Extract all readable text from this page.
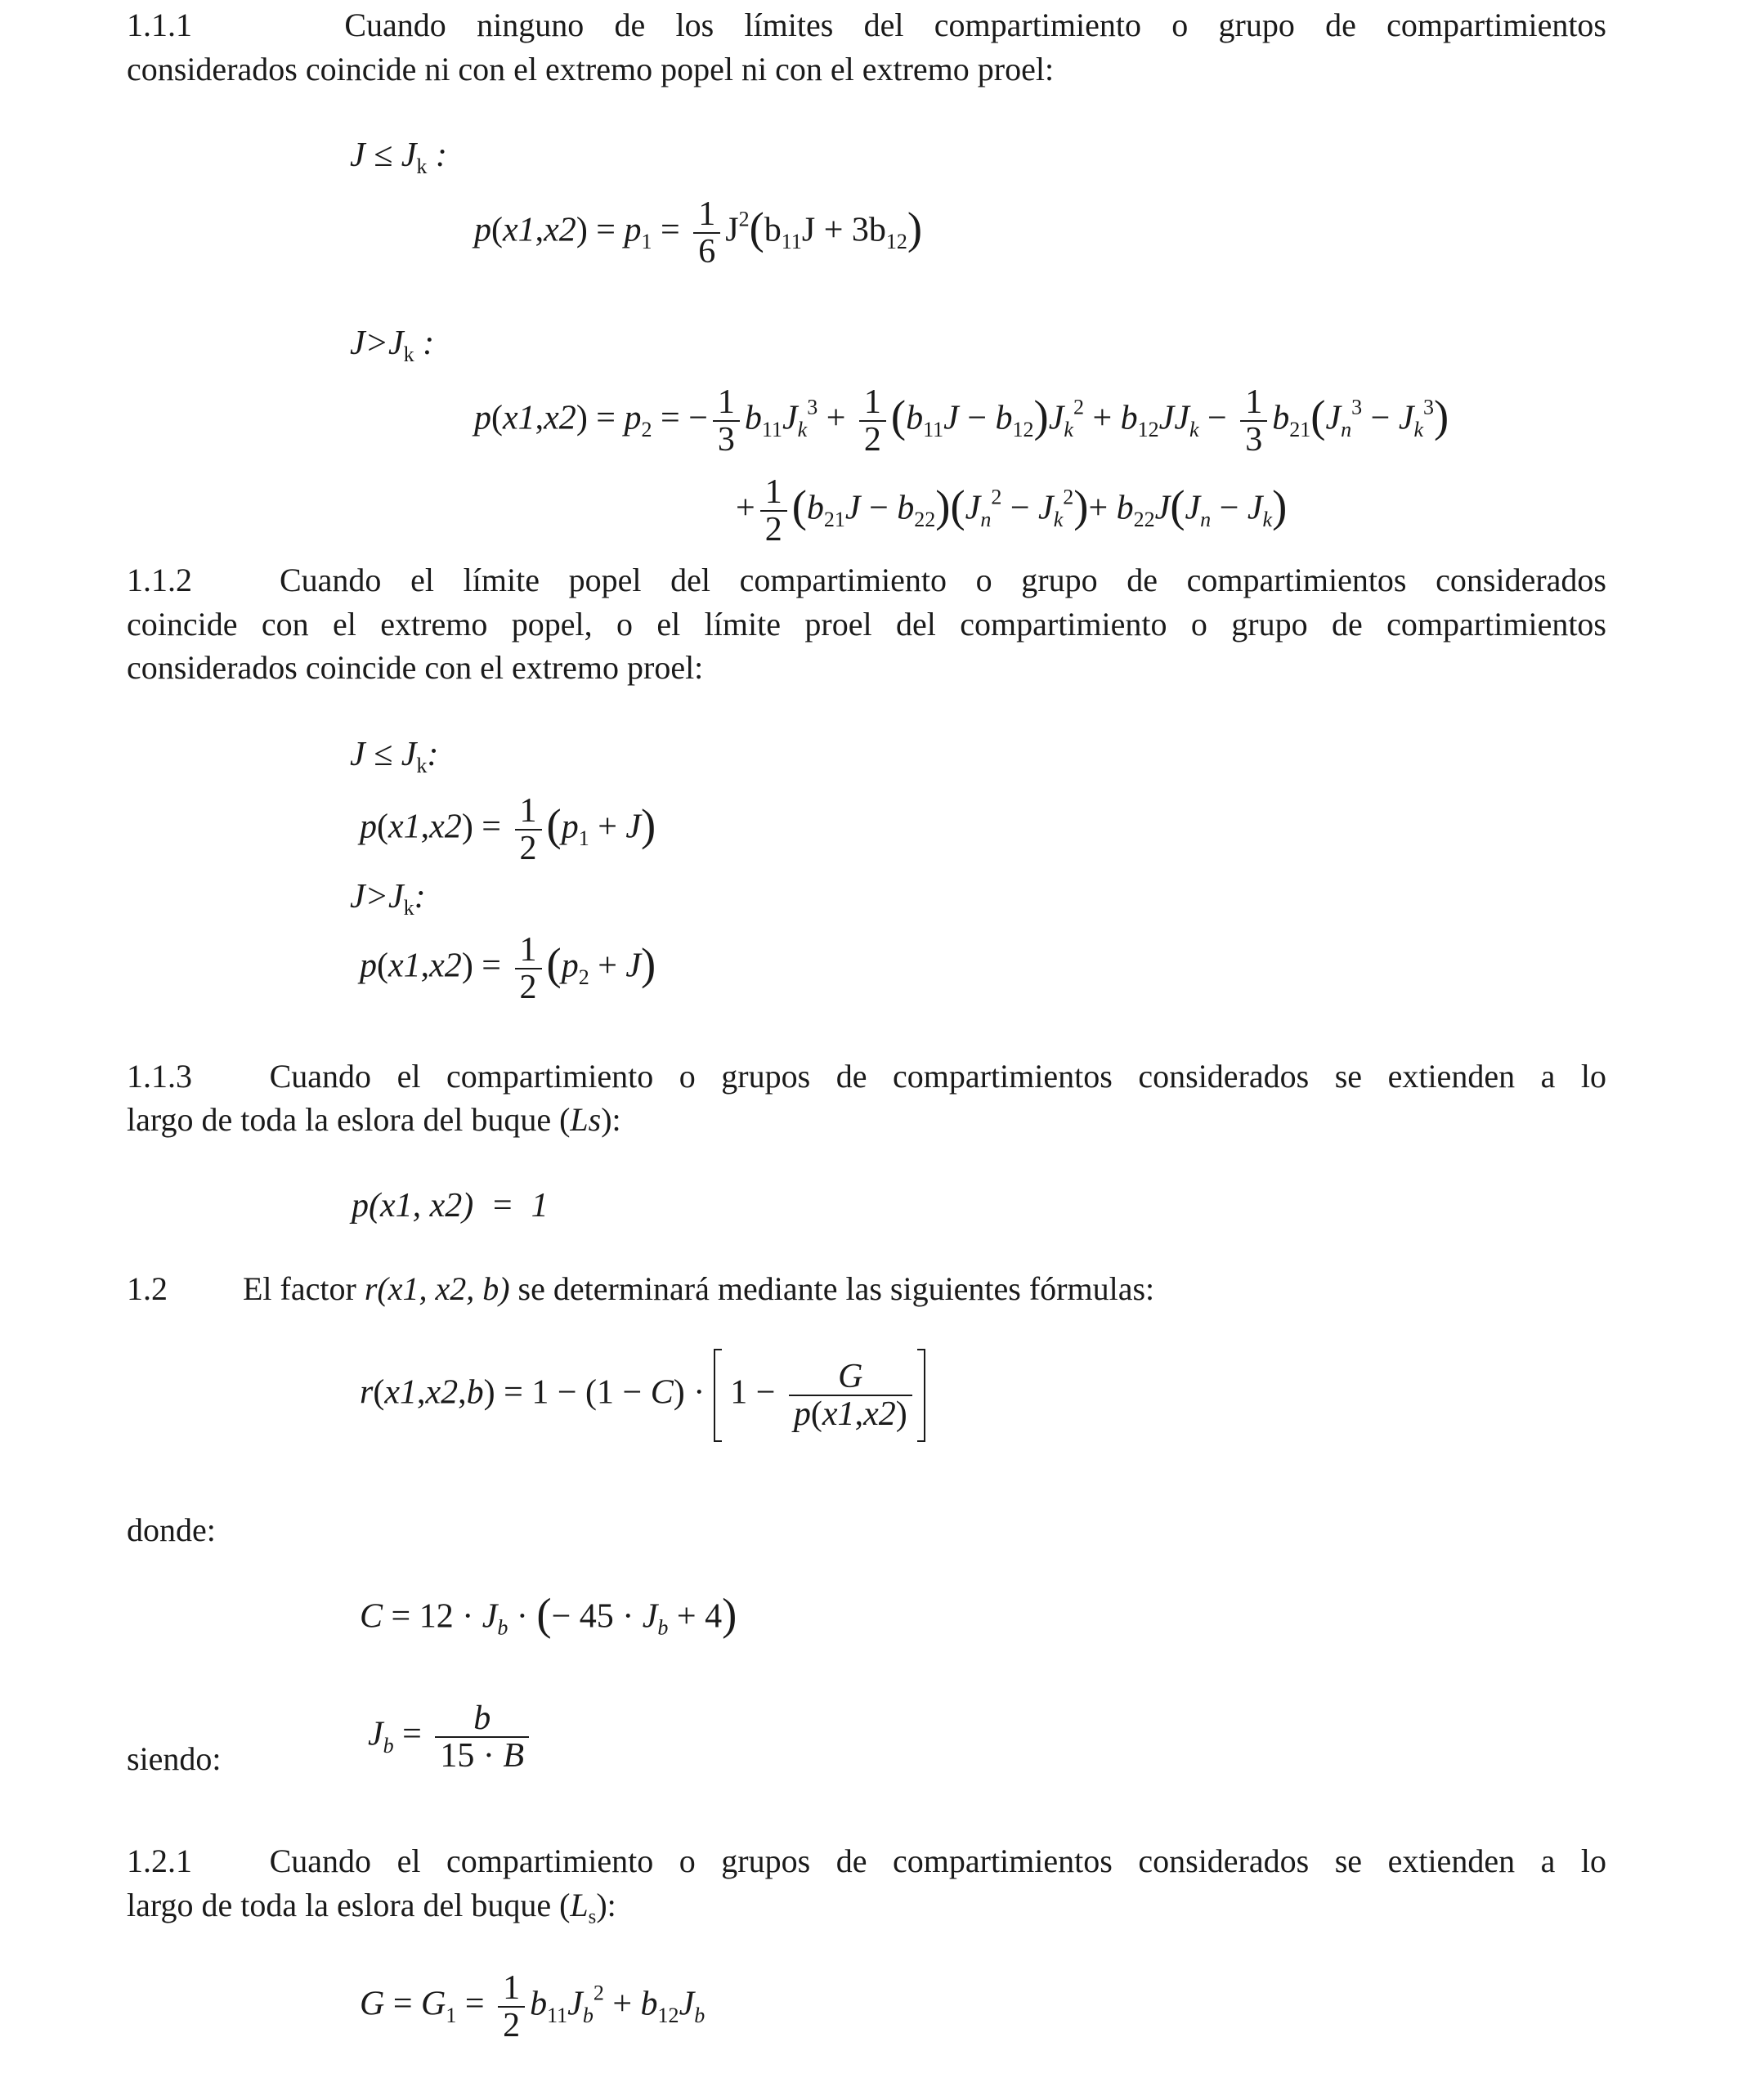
1.1.1	Cuando ninguno de los límites del compartimiento o grupo de compartimientos
considerados coincide ni con el extremo popel ni con el extremo proel:
$J \le J_k$ :
$p(x1,x2) = p_1 = \frac{1}{6} J^2(b_{11}J + 3b_{12})$
$J>J_k$ :
$p(x1,x2) = p_2$ = − $\frac{1}{3} b_{11}J_k^3 + \frac{1}{2} (b_{11}J - b_{12})J_k^2 + b_{12}JJ_k - \frac{1}{3} b_{21}(J_n^3 - J_k^3)$
+ $\frac{1}{2} (b_{21}J - b_{22})(J_n^2 - J_k^2)+ b_{22}J(J_n - J_k)$
1.1.2	Cuando el límite popel del compartimiento o grupo de compartimientos considerados
coincide con el extremo popel, o el límite proel del compartimiento o grupo de compartimientos
considerados coincide con el extremo proel:
$J \le J_k$:
$p(x1,x2) = \frac{1}{2} (p_1 + J)$
$J>J_k$:
$p(x1,x2) = \frac{1}{2} (p_2 + J)$
1.1.3 Cuando el compartimiento o grupos de compartimientos considerados se extienden a lo
largo de toda la eslora del buque (Ls):
p(x1, x2)  =  1
1.2 El factor r(x1, x2, b) se determinará mediante las siguientes fórmulas:
$r(x1,x2,b) = 1 - (1 - C) \cdot 1 - \frac{G}{p(x1,x2)}$
donde:
$C = 12 \cdot J_b$ · (− $45 \cdot J_b + 4$)
siendo:
$J_b = \frac{b}{15 \cdot B}$
1.2.1 Cuando el compartimiento o grupos de compartimientos considerados se extienden a lo
largo de toda la eslora del buque $(L_s)$:
$G = G_1 = \frac{1}{2} b_{11}J_b^2 + b_{12}J_b$
